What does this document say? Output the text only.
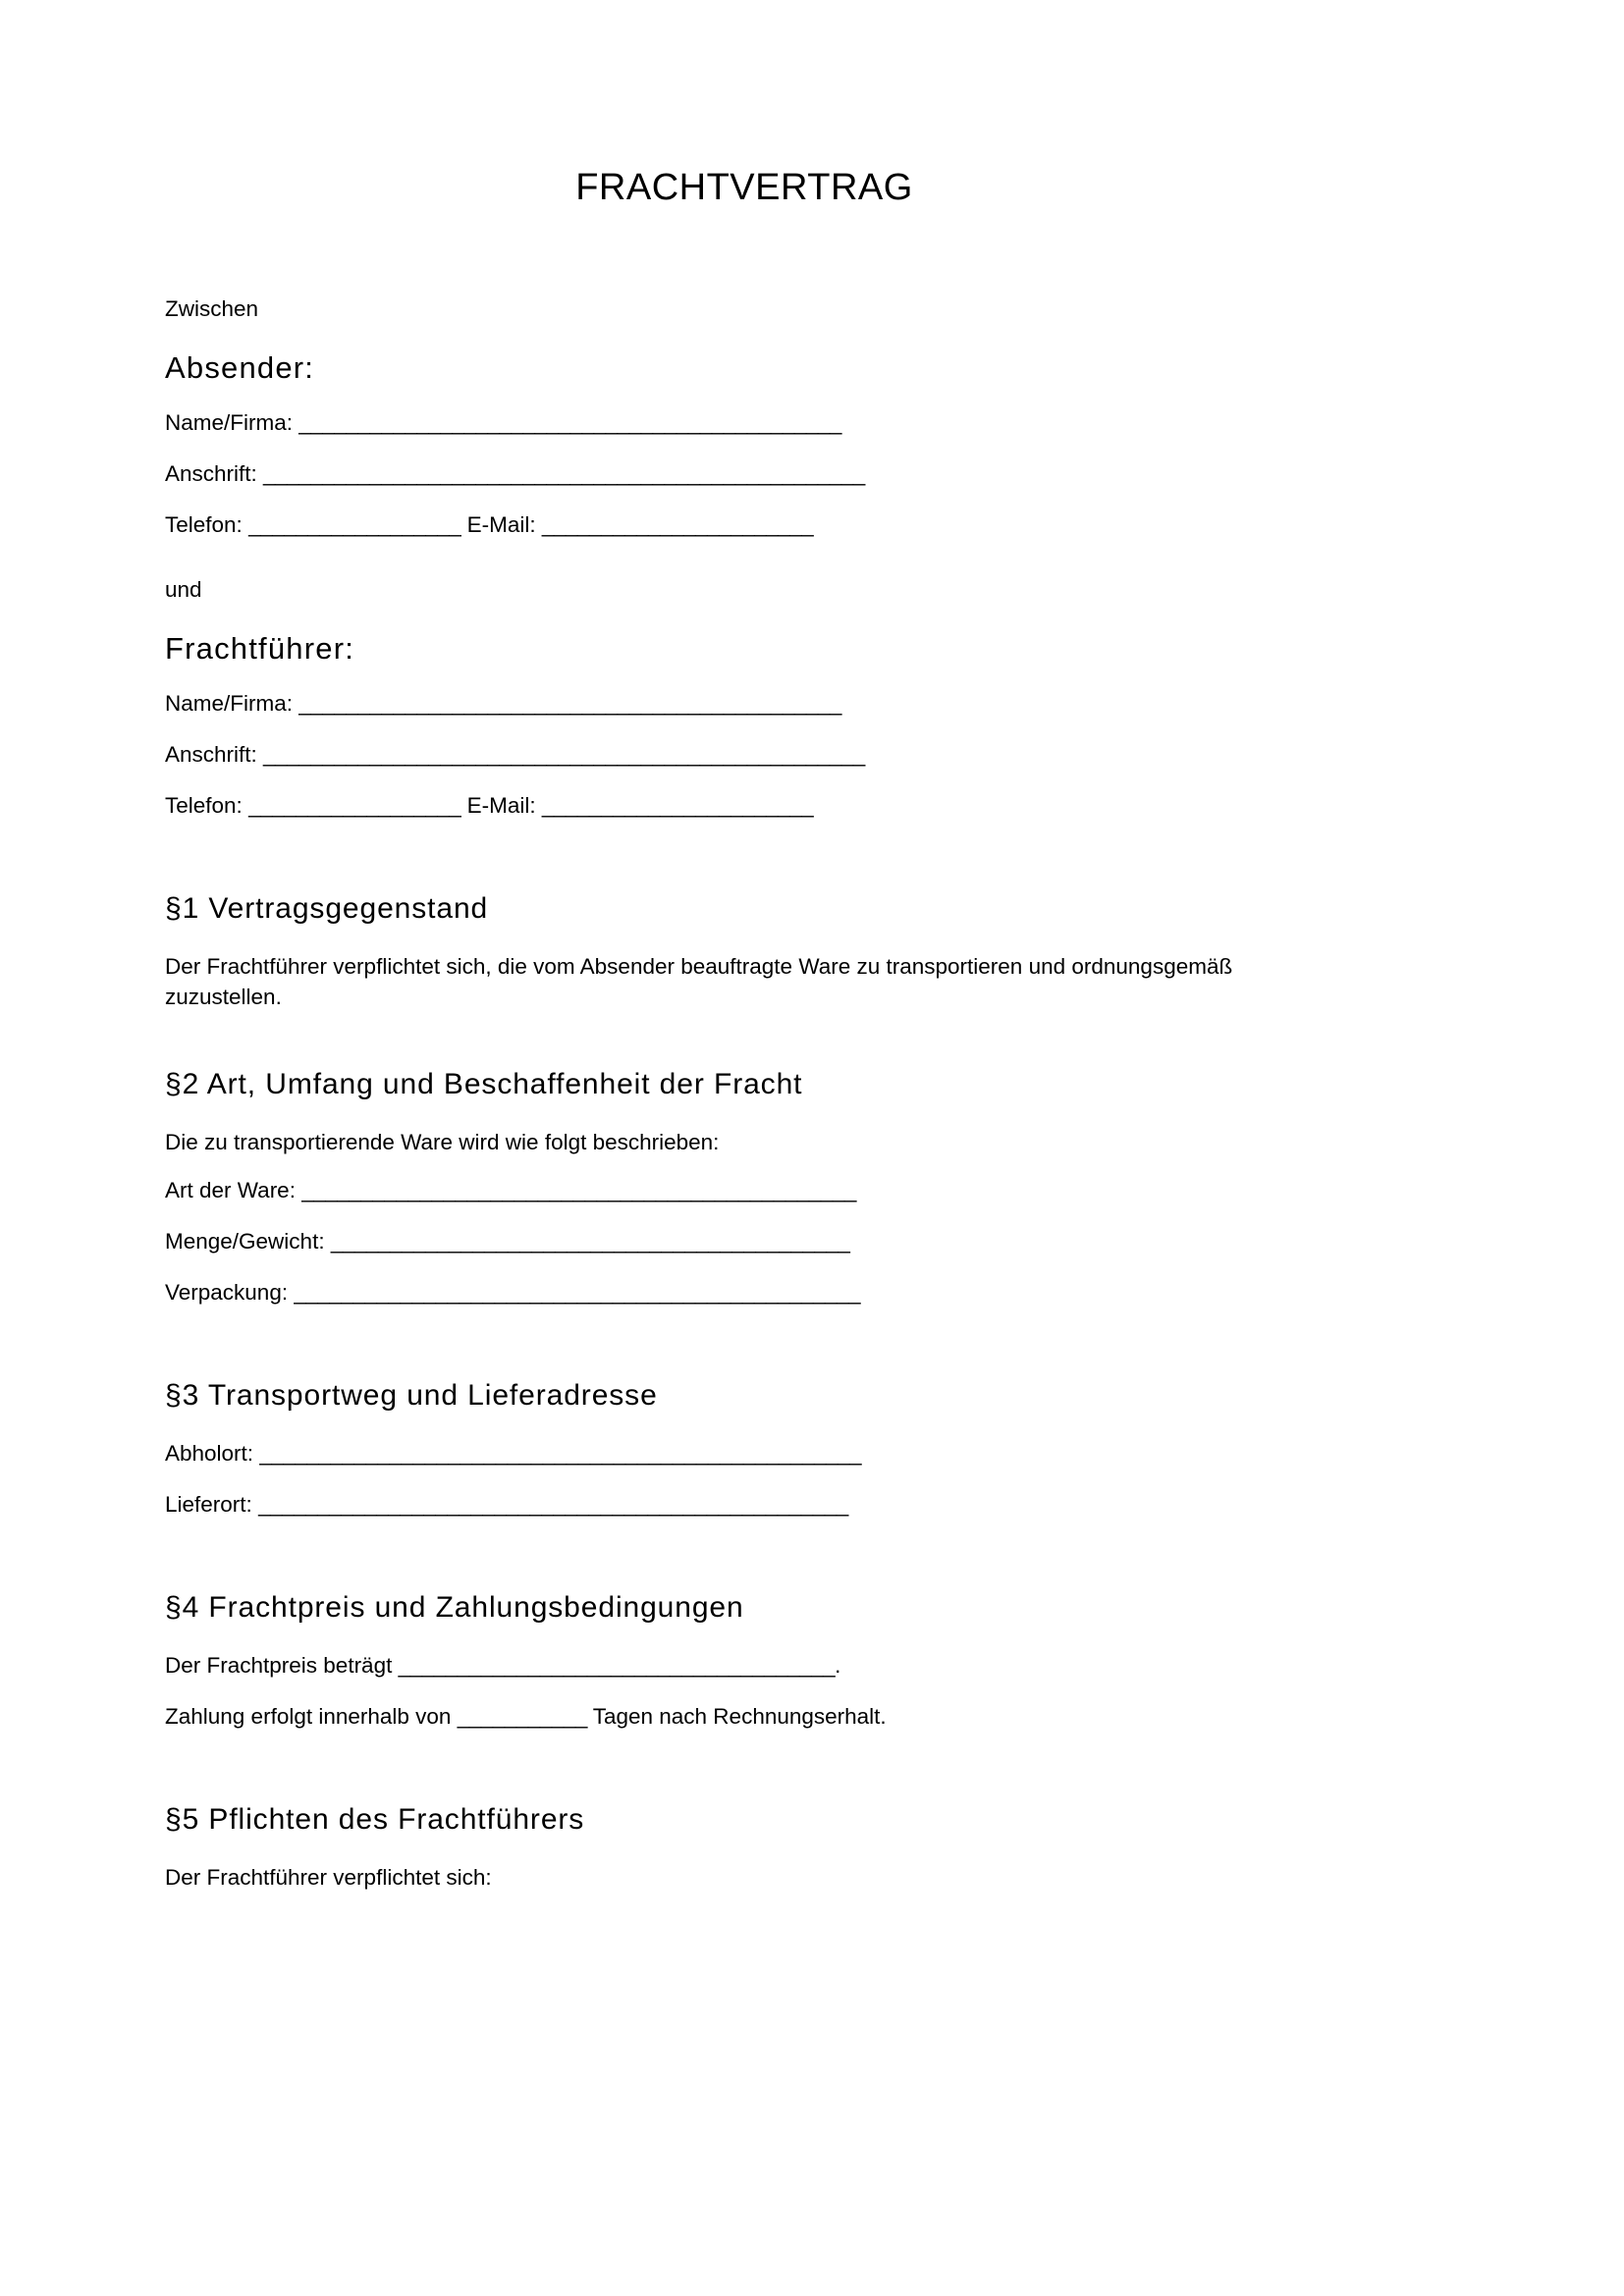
FRACHTVERTRAG

Zwischen

Absender:

Name/Firma: ______________________________________________

Anschrift: ___________________________________________________

Telefon: __________________ E-Mail: _______________________

und

Frachtführer:

Name/Firma: ______________________________________________

Anschrift: ___________________________________________________

Telefon: __________________ E-Mail: _______________________

§1 Vertragsgegenstand

Der Frachtführer verpflichtet sich, die vom Absender beauftragte Ware zu transportieren und ordnungsgemäß zuzustellen.

§2 Art, Umfang und Beschaffenheit der Fracht

Die zu transportierende Ware wird wie folgt beschrieben:

Art der Ware: _______________________________________________

Menge/Gewicht: ____________________________________________

Verpackung: ________________________________________________

§3 Transportweg und Lieferadresse

Abholort: ___________________________________________________

Lieferort: __________________________________________________

§4 Frachtpreis und Zahlungsbedingungen

Der Frachtpreis beträgt _____________________________________.

Zahlung erfolgt innerhalb von ___________ Tagen nach Rechnungserhalt.

§5 Pflichten des Frachtführers

Der Frachtführer verpflichtet sich:
